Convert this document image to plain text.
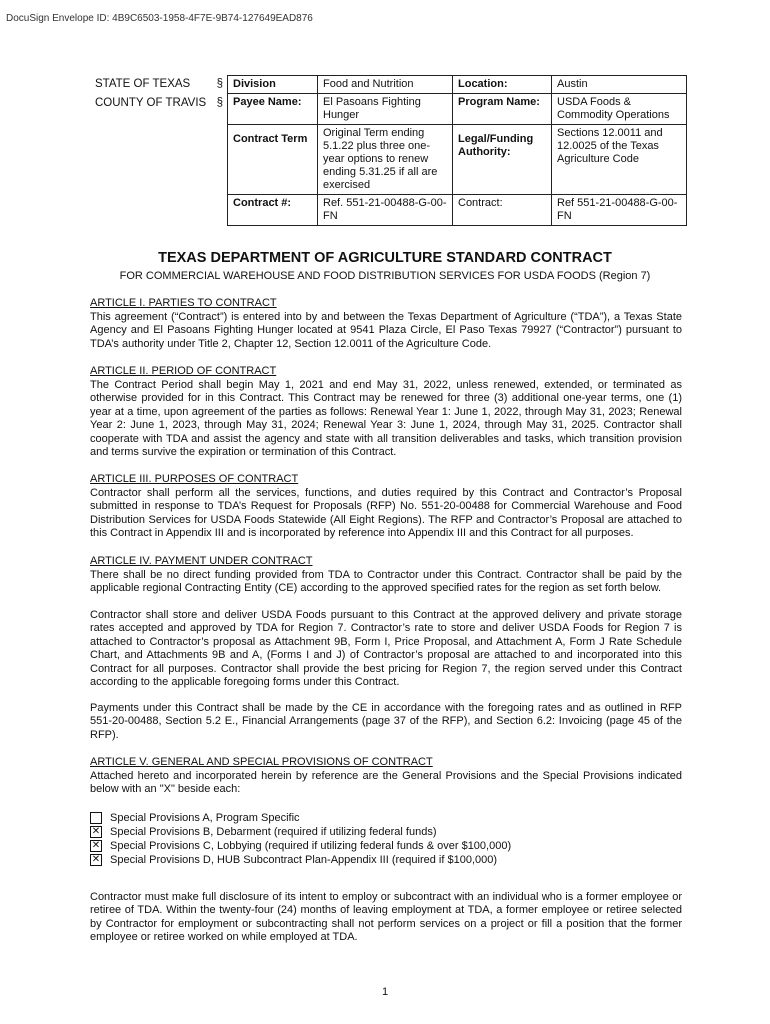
DocuSign Envelope ID: 4B9C6503-1958-4F7E-9B74-127649EAD876
STATE OF TEXAS §
COUNTY OF TRAVIS §
Division	Food and Nutrition	Location:	Austin
Payee Name:	El Pasoans Fighting Hunger	Program Name:	USDA Foods & Commodity Operations
Contract Term	Original Term ending 5.1.22 plus three one-year options to renew ending 5.31.25 if all are exercised	Legal/Funding Authority:	Sections 12.0011 and 12.0025 of the Texas Agriculture Code
Contract #:	Ref. 551-21-00488-G-00-FN	Contract:	Ref 551-21-00488-G-00-FN
TEXAS DEPARTMENT OF AGRICULTURE STANDARD CONTRACT
FOR COMMERCIAL WAREHOUSE AND FOOD DISTRIBUTION SERVICES FOR USDA FOODS (Region 7)
ARTICLE I. PARTIES TO CONTRACT

This agreement (“Contract”) is entered into by and between the Texas Department of Agriculture (“TDA”), a Texas State Agency and El Pasoans Fighting Hunger located at 9541 Plaza Circle, El Paso Texas 79927 (“Contractor”) pursuant to TDA’s authority under Title 2, Chapter 12, Section 12.0011 of the Agriculture Code.

ARTICLE II. PERIOD OF CONTRACT

The Contract Period shall begin May 1, 2021 and end May 31, 2022, unless renewed, extended, or terminated as otherwise provided for in this Contract. This Contract may be renewed for three (3) additional one-year terms, one (1) year at a time, upon agreement of the parties as follows: Renewal Year 1: June 1, 2022, through May 31, 2023; Renewal Year 2: June 1, 2023, through May 31, 2024; Renewal Year 3: June 1, 2024, through May 31, 2025. Contractor shall cooperate with TDA and assist the agency and state with all transition deliverables and tasks, which transition provision and terms survive the expiration or termination of this Contract.

ARTICLE III. PURPOSES OF CONTRACT

Contractor shall perform all the services, functions, and duties required by this Contract and Contractor’s Proposal submitted in response to TDA’s Request for Proposals (RFP) No. 551-20-00488 for Commercial Warehouse and Food Distribution Services for USDA Foods Statewide (All Eight Regions). The RFP and Contractor’s Proposal are attached to this Contract in Appendix III and is incorporated by reference into Appendix III and this Contract for all purposes.

ARTICLE IV. PAYMENT UNDER CONTRACT

There shall be no direct funding provided from TDA to Contractor under this Contract. Contractor shall be paid by the applicable regional Contracting Entity (CE) according to the approved specified rates for the region as set forth below.

Contractor shall store and deliver USDA Foods pursuant to this Contract at the approved delivery and private storage rates accepted and approved by TDA for Region 7. Contractor’s rate to store and deliver USDA Foods for Region 7 is attached to Contractor’s proposal as Attachment 9B, Form I, Price Proposal, and Attachment A, Form J Rate Schedule Chart, and Attachments 9B and A, (Forms I and J) of Contractor’s proposal are attached to and incorporated into this Contract for all purposes. Contractor shall provide the best pricing for Region 7, the region served under this Contract according to the applicable foregoing forms under this Contract.

Payments under this Contract shall be made by the CE in accordance with the foregoing rates and as outlined in RFP 551-20-00488, Section 5.2 E., Financial Arrangements (page 37 of the RFP), and Section 6.2: Invoicing (page 45 of the RFP).

ARTICLE V. GENERAL AND SPECIAL PROVISIONS OF CONTRACT

Attached hereto and incorporated herein by reference are the General Provisions and the Special Provisions indicated below with an "X" beside each:

Special Provisions A, Program Specific
✕ Special Provisions B, Debarment (required if utilizing federal funds)
✕ Special Provisions C, Lobbying (required if utilizing federal funds & over $100,000)
✕ Special Provisions D, HUB Subcontract Plan-Appendix III (required if $100,000)

Contractor must make full disclosure of its intent to employ or subcontract with an individual who is a former employee or retiree of TDA. Within the twenty-four (24) months of leaving employment at TDA, a former employee or retiree selected by Contractor for employment or subcontracting shall not perform services on a project or fill a position that the former employee or retiree worked on while employed at TDA.

1
